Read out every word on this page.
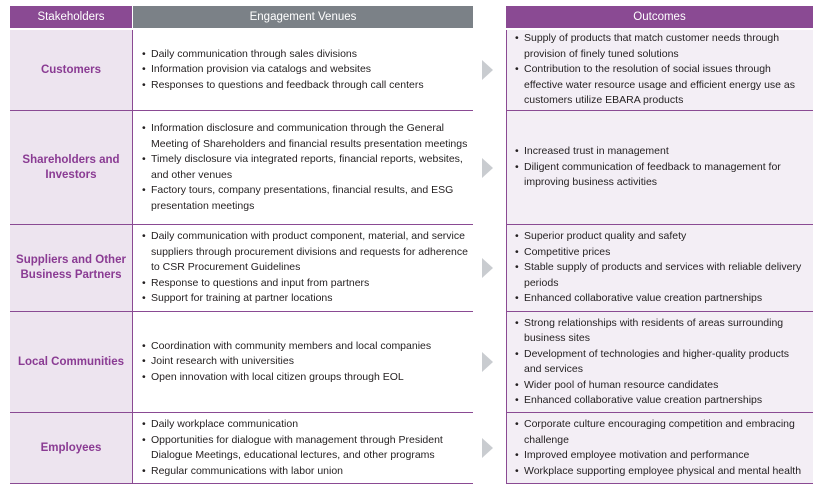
Stakeholders	Engagement Venues	Outcomes
Customers
• Daily communication through sales divisions
• Information provision via catalogs and websites
• Responses to questions and feedback through call centers
• Supply of products that match customer needs through provision of finely tuned solutions
• Contribution to the resolution of social issues through effective water resource usage and efficient energy use as customers utilize EBARA products
Shareholders and Investors
• Information disclosure and communication through the General Meeting of Shareholders and financial results presentation meetings
• Timely disclosure via integrated reports, financial reports, websites, and other venues
• Factory tours, company presentations, financial results, and ESG presentation meetings
• Increased trust in management
• Diligent communication of feedback to management for improving business activities
Suppliers and Other Business Partners
• Daily communication with product component, material, and service suppliers through procurement divisions and requests for adherence to CSR Procurement Guidelines
• Response to questions and input from partners
• Support for training at partner locations
• Superior product quality and safety
• Competitive prices
• Stable supply of products and services with reliable delivery periods
• Enhanced collaborative value creation partnerships
Local Communities
• Coordination with community members and local companies
• Joint research with universities
• Open innovation with local citizen groups through EOL
• Strong relationships with residents of areas surrounding business sites
• Development of technologies and higher-quality products and services
• Wider pool of human resource candidates
• Enhanced collaborative value creation partnerships
Employees
• Daily workplace communication
• Opportunities for dialogue with management through President Dialogue Meetings, educational lectures, and other programs
• Regular communications with labor union
• Corporate culture encouraging competition and embracing challenge
• Improved employee motivation and performance
• Workplace supporting employee physical and mental health
